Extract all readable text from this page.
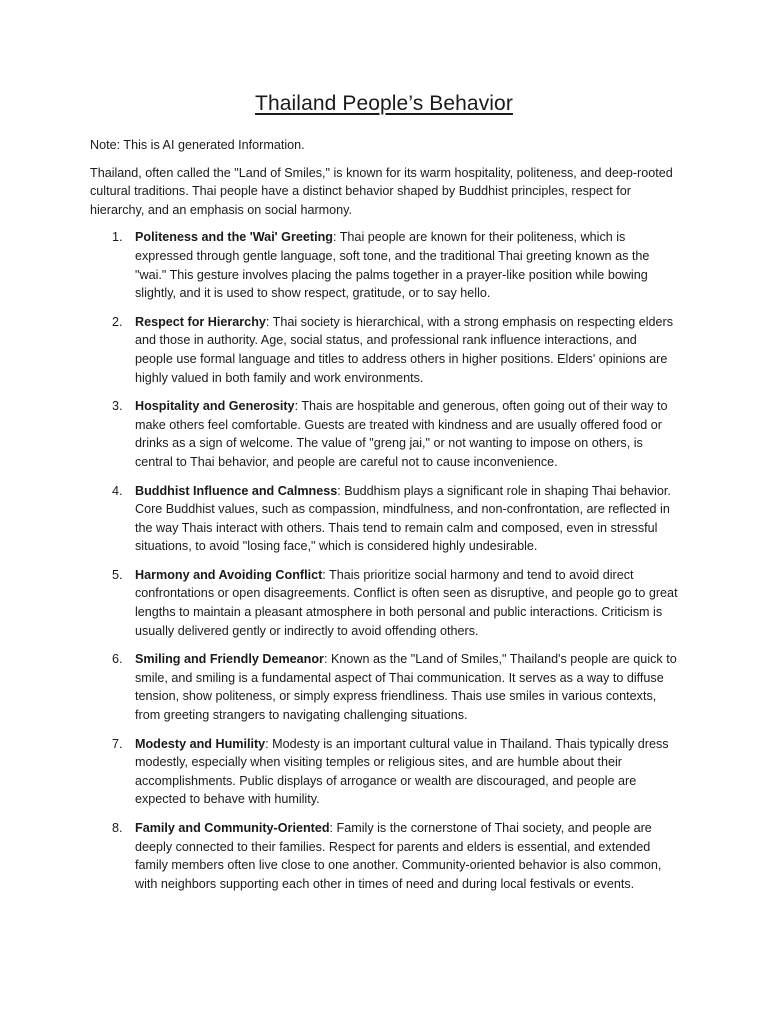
Thailand People’s Behavior

Note: This is AI generated Information.

Thailand, often called the "Land of Smiles," is known for its warm hospitality, politeness, and deep-rooted cultural traditions. Thai people have a distinct behavior shaped by Buddhist principles, respect for hierarchy, and an emphasis on social harmony.

1. Politeness and the 'Wai' Greeting: Thai people are known for their politeness, which is expressed through gentle language, soft tone, and the traditional Thai greeting known as the "wai." This gesture involves placing the palms together in a prayer-like position while bowing slightly, and it is used to show respect, gratitude, or to say hello.
2. Respect for Hierarchy: Thai society is hierarchical, with a strong emphasis on respecting elders and those in authority. Age, social status, and professional rank influence interactions, and people use formal language and titles to address others in higher positions. Elders' opinions are highly valued in both family and work environments.
3. Hospitality and Generosity: Thais are hospitable and generous, often going out of their way to make others feel comfortable. Guests are treated with kindness and are usually offered food or drinks as a sign of welcome. The value of "greng jai," or not wanting to impose on others, is central to Thai behavior, and people are careful not to cause inconvenience.
4. Buddhist Influence and Calmness: Buddhism plays a significant role in shaping Thai behavior. Core Buddhist values, such as compassion, mindfulness, and non-confrontation, are reflected in the way Thais interact with others. Thais tend to remain calm and composed, even in stressful situations, to avoid "losing face," which is considered highly undesirable.
5. Harmony and Avoiding Conflict: Thais prioritize social harmony and tend to avoid direct confrontations or open disagreements. Conflict is often seen as disruptive, and people go to great lengths to maintain a pleasant atmosphere in both personal and public interactions. Criticism is usually delivered gently or indirectly to avoid offending others.
6. Smiling and Friendly Demeanor: Known as the "Land of Smiles," Thailand's people are quick to smile, and smiling is a fundamental aspect of Thai communication. It serves as a way to diffuse tension, show politeness, or simply express friendliness. Thais use smiles in various contexts, from greeting strangers to navigating challenging situations.
7. Modesty and Humility: Modesty is an important cultural value in Thailand. Thais typically dress modestly, especially when visiting temples or religious sites, and are humble about their accomplishments. Public displays of arrogance or wealth are discouraged, and people are expected to behave with humility.
8. Family and Community-Oriented: Family is the cornerstone of Thai society, and people are deeply connected to their families. Respect for parents and elders is essential, and extended family members often live close to one another. Community-oriented behavior is also common, with neighbors supporting each other in times of need and during local festivals or events.
